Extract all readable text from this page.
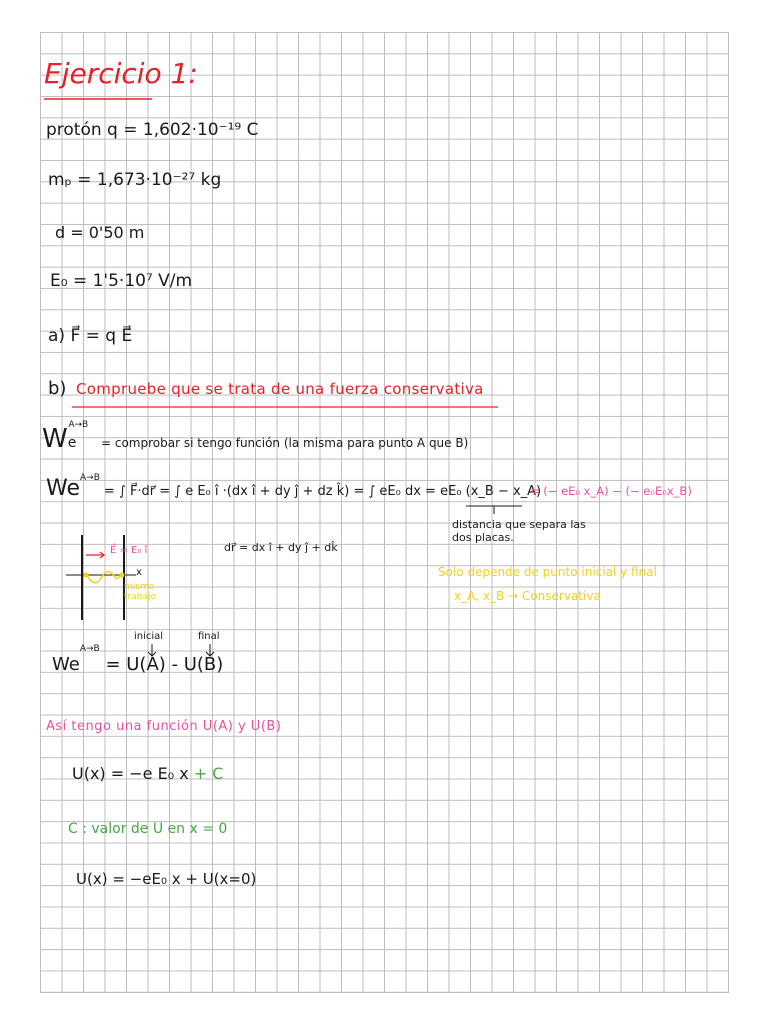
Ejercicio 1:
protón q = 1,602·10⁻¹⁹ C
mₚ = 1,673·10⁻²⁷ kg
d = 0'50 m
E₀ = 1'5·10⁷ V/m
a) F⃗ = q E⃗
b) Compruebe que se trata de una fuerza conservativa
$We^{A\to B}$ = comprobar si tengo función (la misma para punto A que B)
$We^{A\to B}$ = ∫ F⃗·dr⃗ = ∫ e E₀ î ·(dx î + dy ĵ + dz k̂) = ∫ eE₀ dx = eE₀ (x_B − x_A)
= (− eE₀ x_A) − (− e₀E₀x_B)
distancia que separa las dos placas.
E⃗ = E₀ î
x
mismo trabajo
dr⃗ = dx î + dy ĵ + dk̂
Solo depende de punto inicial y final
x_A, x_B → Conservativa
inicial	final
$We^{A\to B} = U(A) - U(B)$
Así tengo una función U(A) y U(B)
U(x) = −e E₀ x + C
C : valor de U en x = 0
U(x) = −eE₀ x + U(x=0)
